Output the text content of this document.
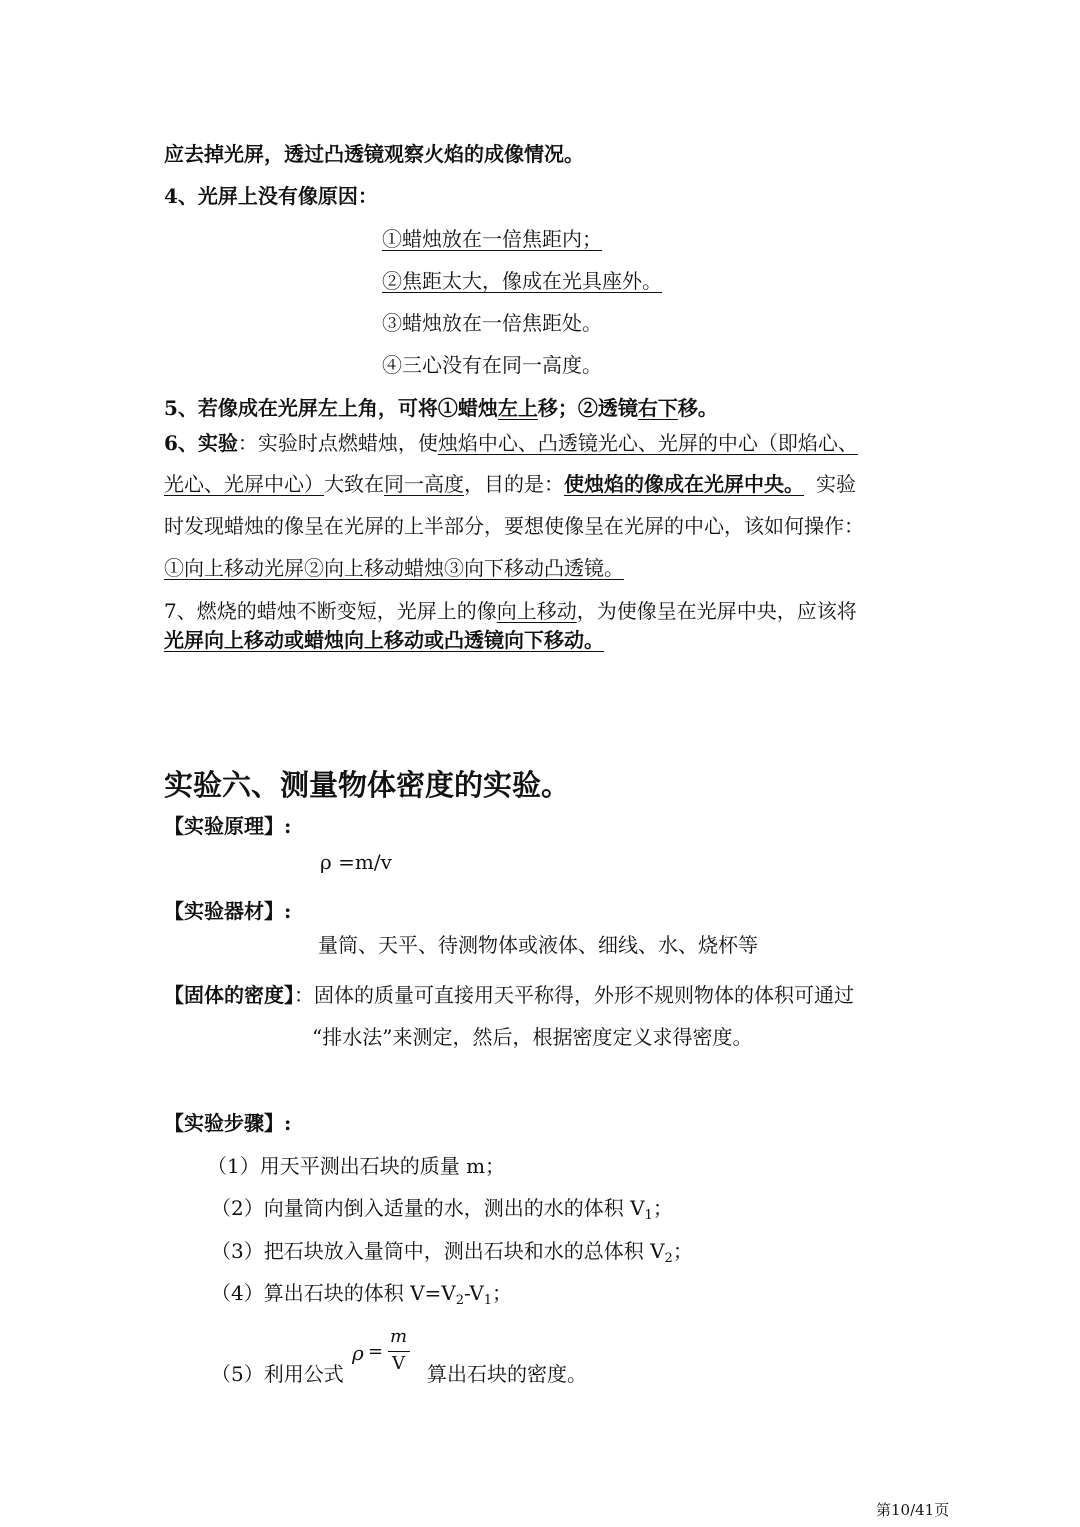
应去掉光屏，透过凸透镜观察火焰的成像情况。
4、光屏上没有像原因：
①蜡烛放在一倍焦距内；
②焦距太大，像成在光具座外。
③蜡烛放在一倍焦距处。
④三心没有在同一高度。
5、若像成在光屏左上角，可将①蜡烛左上移；②透镜右下移。
6、实验：实验时点燃蜡烛，使烛焰中心、凸透镜光心、光屏的中心（即焰心、
光心、光屏中心）大致在同一高度，目的是：使烛焰的像成在光屏中央。 实验
时发现蜡烛的像呈在光屏的上半部分，要想使像呈在光屏的中心，该如何操作：
①向上移动光屏②向上移动蜡烛③向下移动凸透镜。
7、燃烧的蜡烛不断变短，光屏上的像向上移动，为使像呈在光屏中央，应该将
光屏向上移动或蜡烛向上移动或凸透镜向下移动。
实验六、测量物体密度的实验。
【实验原理】:
ρ =m/v
【实验器材】:
量筒、天平、待测物体或液体、细线、水、烧杯等
【固体的密度】：固体的质量可直接用天平称得，外形不规则物体的体积可通过
“排水法”来测定，然后，根据密度定义求得密度。
【实验步骤】:
（1）用天平测出石块的质量 m；
（2）向量筒内倒入适量的水，测出的水的体积 $V_1$；
（3）把石块放入量筒中，测出石块和水的总体积 $V_2$；
（4）算出石块的体积 $V=V_2-V_1$；
（5）利用公式
ρ =
m
V 算出石块的密度。
第10/41页
